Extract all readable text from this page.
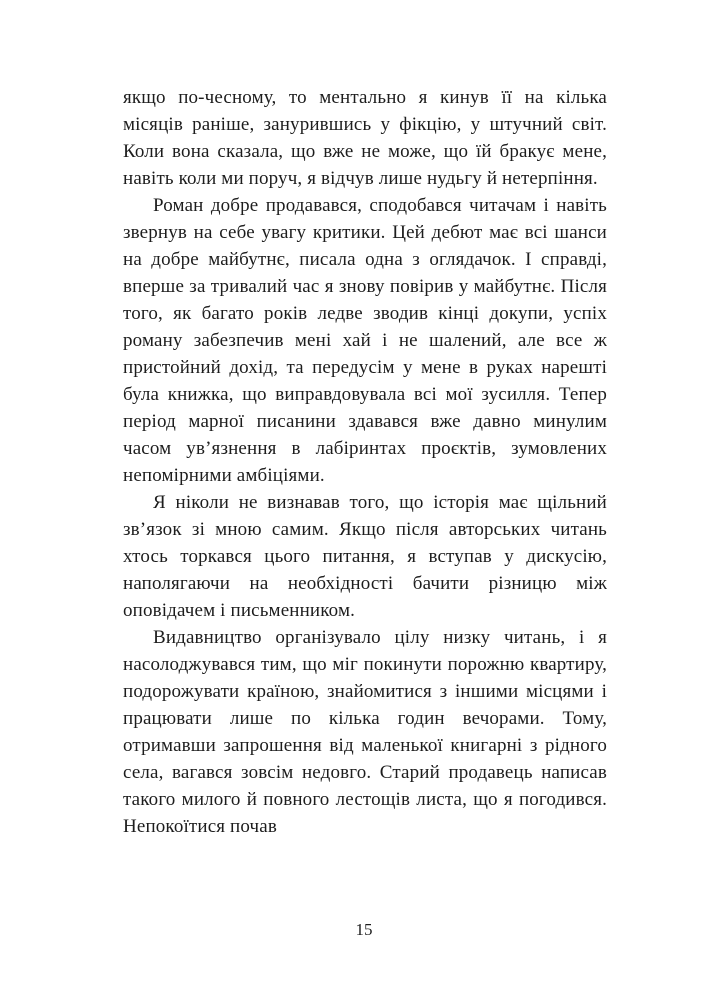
якщо по-чесному, то ментально я кинув її на кілька місяців раніше, занурившись у фікцію, у штучний світ. Коли вона сказала, що вже не може, що їй бракує мене, навіть коли ми поруч, я відчув лише нудьгу й нетерпіння.

Роман добре продавався, сподобався читачам і навіть звернув на себе увагу критики. Цей дебют має всі шанси на добре майбутнє, писала одна з оглядачок. І справді, вперше за тривалий час я знову повірив у майбутнє. Після того, як багато років ледве зводив кінці докупи, успіх роману забезпечив мені хай і не шалений, але все ж пристойний дохід, та передусім у мене в руках нарешті була книжка, що виправдовувала всі мої зусилля. Тепер період марної писанини здавався вже давно минулим часом ув’язнення в лабіринтах проєктів, зумовлених непомірними амбіціями.

Я ніколи не визнавав того, що історія має щільний зв’язок зі мною самим. Якщо після авторських читань хтось торкався цього питання, я вступав у дискусію, наполягаючи на необхідності бачити різницю між оповідачем і письменником.

Видавництво організувало цілу низку читань, і я насолоджувався тим, що міг покинути порожню квартиру, подорожувати країною, знайомитися з іншими місцями і працювати лише по кілька годин вечорами. Тому, отримавши запрошення від маленької книгарні з рідного села, вагався зовсім недовго. Старий продавець написав такого милого й повного лестощів листа, що я погодився. Непокоїтися почав

15
